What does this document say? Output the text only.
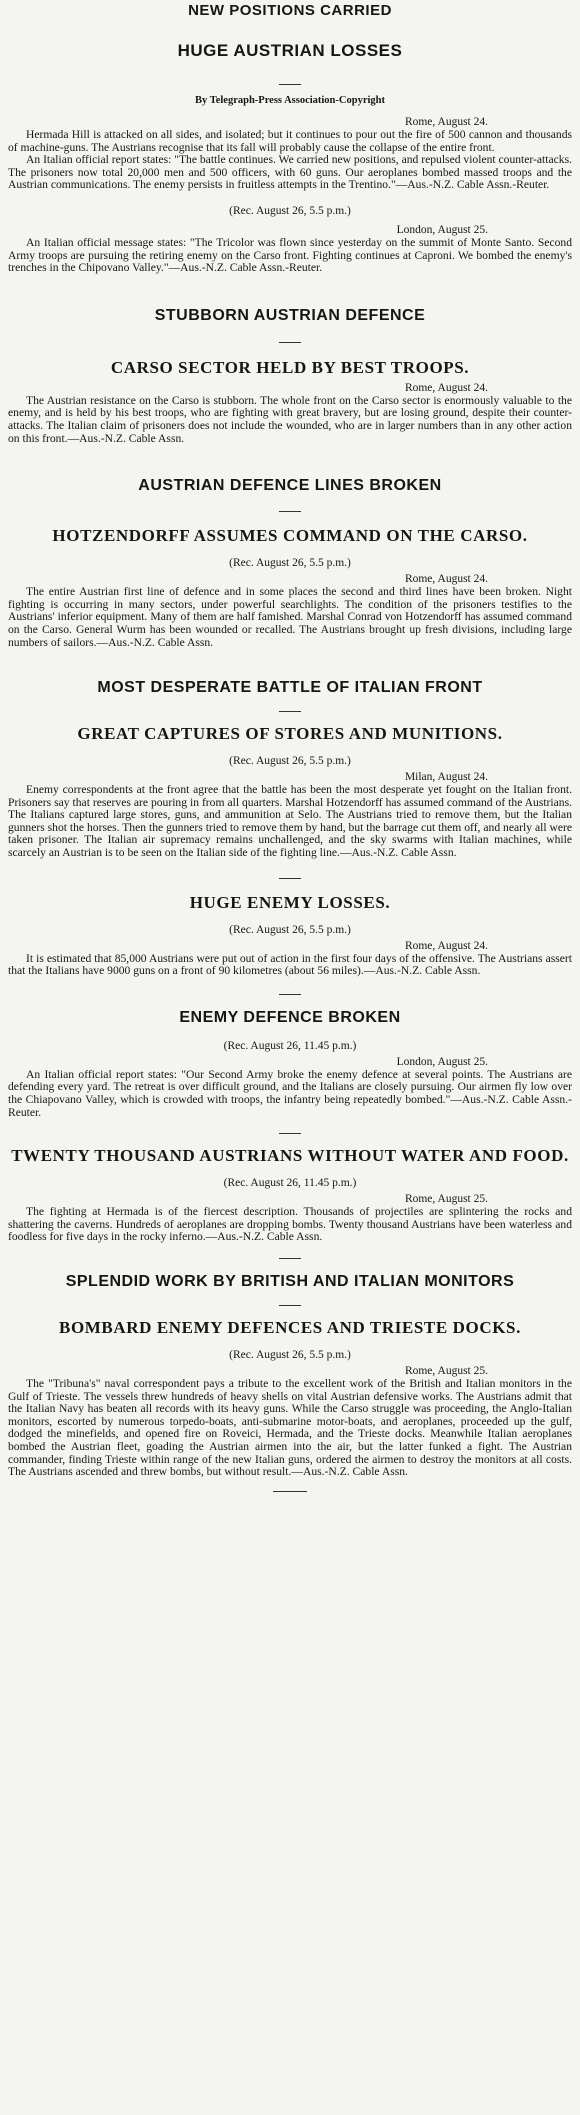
NEW POSITIONS CARRIED
HUGE AUSTRIAN LOSSES

By Telegraph-Press Association-Copyright

Rome, August 24.

Hermada Hill is attacked on all sides, and isolated; but it continues to pour out the fire of 500 cannon and thousands of machine-guns. The Austrians recognise that its fall will probably cause the collapse of the entire front.

An Italian official report states: "The battle continues. We carried new positions, and repulsed violent counter-attacks. The prisoners now total 20,000 men and 500 officers, with 60 guns. Our aeroplanes bombed massed troops and the Austrian communications. The enemy persists in fruitless attempts in the Trentino."—Aus.-N.Z. Cable Assn.-Reuter.

(Rec. August 26, 5.5 p.m.)

London, August 25.

An Italian official message states: "The Tricolor was flown since yesterday on the summit of Monte Santo. Second Army troops are pursuing the retiring enemy on the Carso front. Fighting continues at Caproni. We bombed the enemy's trenches in the Chipovano Valley."—Aus.-N.Z. Cable Assn.-Reuter.

STUBBORN AUSTRIAN DEFENCE
CARSO SECTOR HELD BY BEST TROOPS.

Rome, August 24.

The Austrian resistance on the Carso is stubborn. The whole front on the Carso sector is enormously valuable to the enemy, and is held by his best troops, who are fighting with great bravery, but are losing ground, despite their counter-attacks. The Italian claim of prisoners does not include the wounded, who are in larger numbers than in any other action on this front.—Aus.-N.Z. Cable Assn.

AUSTRIAN DEFENCE LINES BROKEN
HOTZENDORFF ASSUMES COMMAND ON THE CARSO.

(Rec. August 26, 5.5 p.m.)

Rome, August 24.

The entire Austrian first line of defence and in some places the second and third lines have been broken. Night fighting is occurring in many sectors, under powerful searchlights. The condition of the prisoners testifies to the Austrians' inferior equipment. Many of them are half famished. Marshal Conrad von Hotzendorff has assumed command on the Carso. General Wurm has been wounded or recalled. The Austrians brought up fresh divisions, including large numbers of sailors.—Aus.-N.Z. Cable Assn.

MOST DESPERATE BATTLE OF ITALIAN FRONT
GREAT CAPTURES OF STORES AND MUNITIONS.

(Rec. August 26, 5.5 p.m.)

Milan, August 24.

Enemy correspondents at the front agree that the battle has been the most desperate yet fought on the Italian front. Prisoners say that reserves are pouring in from all quarters. Marshal Hotzendorff has assumed command of the Austrians. The Italians captured large stores, guns, and ammunition at Selo. The Austrians tried to remove them, but the Italian gunners shot the horses. Then the gunners tried to remove them by hand, but the barrage cut them off, and nearly all were taken prisoner. The Italian air supremacy remains unchallenged, and the sky swarms with Italian machines, while scarcely an Austrian is to be seen on the Italian side of the fighting line.—Aus.-N.Z. Cable Assn.

HUGE ENEMY LOSSES.

(Rec. August 26, 5.5 p.m.)

Rome, August 24.

It is estimated that 85,000 Austrians were put out of action in the first four days of the offensive. The Austrians assert that the Italians have 9000 guns on a front of 90 kilometres (about 56 miles).—Aus.-N.Z. Cable Assn.

ENEMY DEFENCE BROKEN

(Rec. August 26, 11.45 p.m.)

London, August 25.

An Italian official report states: "Our Second Army broke the enemy defence at several points. The Austrians are defending every yard. The retreat is over difficult ground, and the Italians are closely pursuing. Our airmen fly low over the Chiapovano Valley, which is crowded with troops, the infantry being repeatedly bombed."—Aus.-N.Z. Cable Assn.-Reuter.

TWENTY THOUSAND AUSTRIANS WITHOUT WATER AND FOOD.

(Rec. August 26, 11.45 p.m.)

Rome, August 25.

The fighting at Hermada is of the fiercest description. Thousands of projectiles are splintering the rocks and shattering the caverns. Hundreds of aeroplanes are dropping bombs. Twenty thousand Austrians have been waterless and foodless for five days in the rocky inferno.—Aus.-N.Z. Cable Assn.

SPLENDID WORK BY BRITISH AND ITALIAN MONITORS
BOMBARD ENEMY DEFENCES AND TRIESTE DOCKS.

(Rec. August 26, 5.5 p.m.)

Rome, August 25.

The "Tribuna's" naval correspondent pays a tribute to the excellent work of the British and Italian monitors in the Gulf of Trieste. The vessels threw hundreds of heavy shells on vital Austrian defensive works. The Austrians admit that the Italian Navy has beaten all records with its heavy guns. While the Carso struggle was proceeding, the Anglo-Italian monitors, escorted by numerous torpedo-boats, anti-submarine motor-boats, and aeroplanes, proceeded up the gulf, dodged the minefields, and opened fire on Roveici, Hermada, and the Trieste docks. Meanwhile Italian aeroplanes bombed the Austrian fleet, goading the Austrian airmen into the air, but the latter funked a fight. The Austrian commander, finding Trieste within range of the new Italian guns, ordered the airmen to destroy the monitors at all costs. The Austrians ascended and threw bombs, but without result.—Aus.-N.Z. Cable Assn.
